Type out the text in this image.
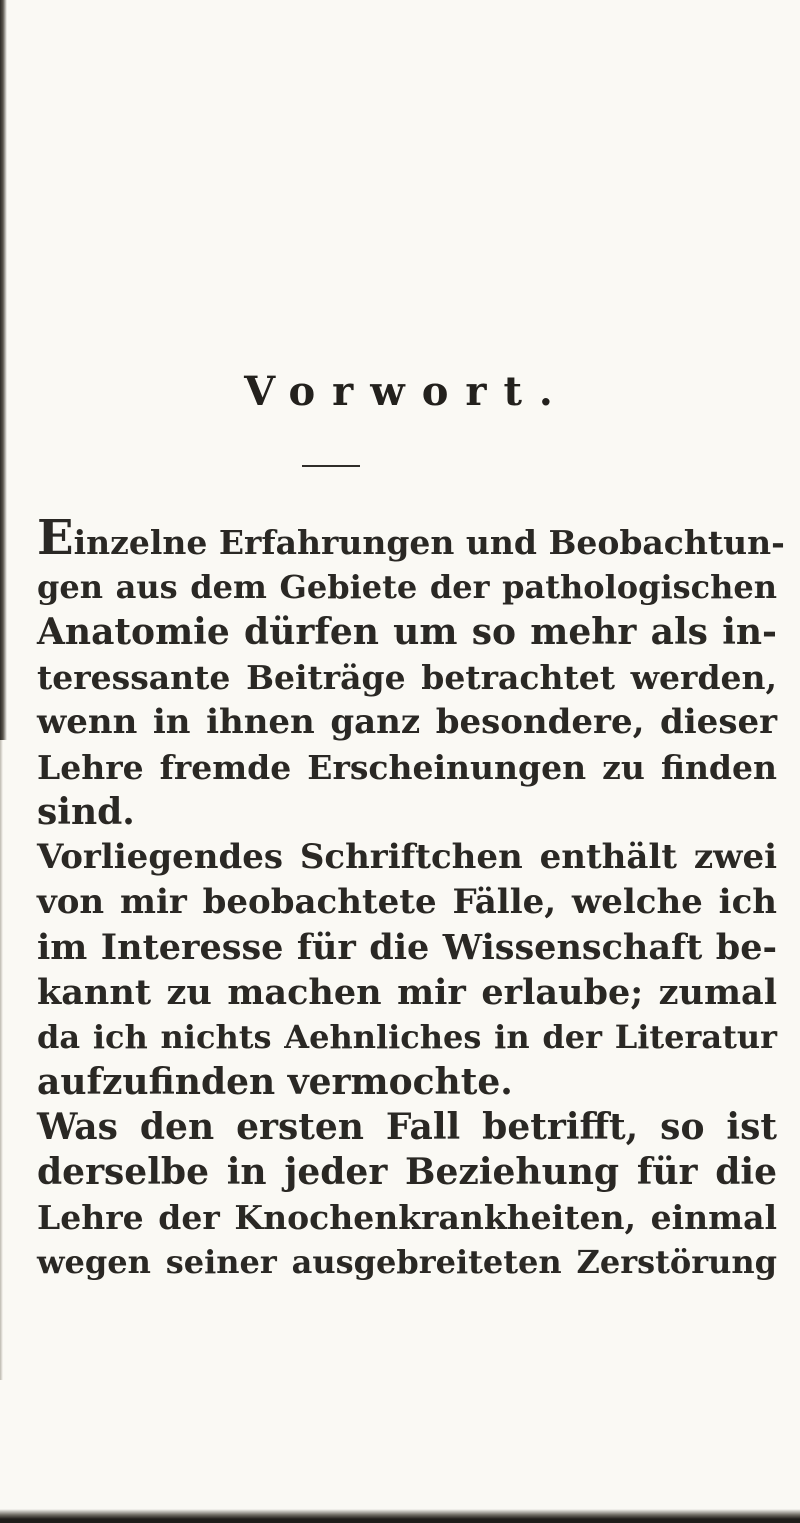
Vorwort.
Einzelne Erfahrungen und Beobachtun-
gen aus dem Gebiete der pathologischen
Anatomie dürfen um so mehr als in-
teressante Beiträge betrachtet werden,
wenn in ihnen ganz besondere, dieser
Lehre fremde Erscheinungen zu finden
sind.
Vorliegendes Schriftchen enthält zwei
von mir beobachtete Fälle, welche ich
im Interesse für die Wissenschaft be-
kannt zu machen mir erlaube; zumal
da ich nichts Aehnliches in der Literatur
aufzufinden vermochte.
Was den ersten Fall betrifft, so ist
derselbe in jeder Beziehung für die
Lehre der Knochenkrankheiten, einmal
wegen seiner ausgebreiteten Zerstörung
